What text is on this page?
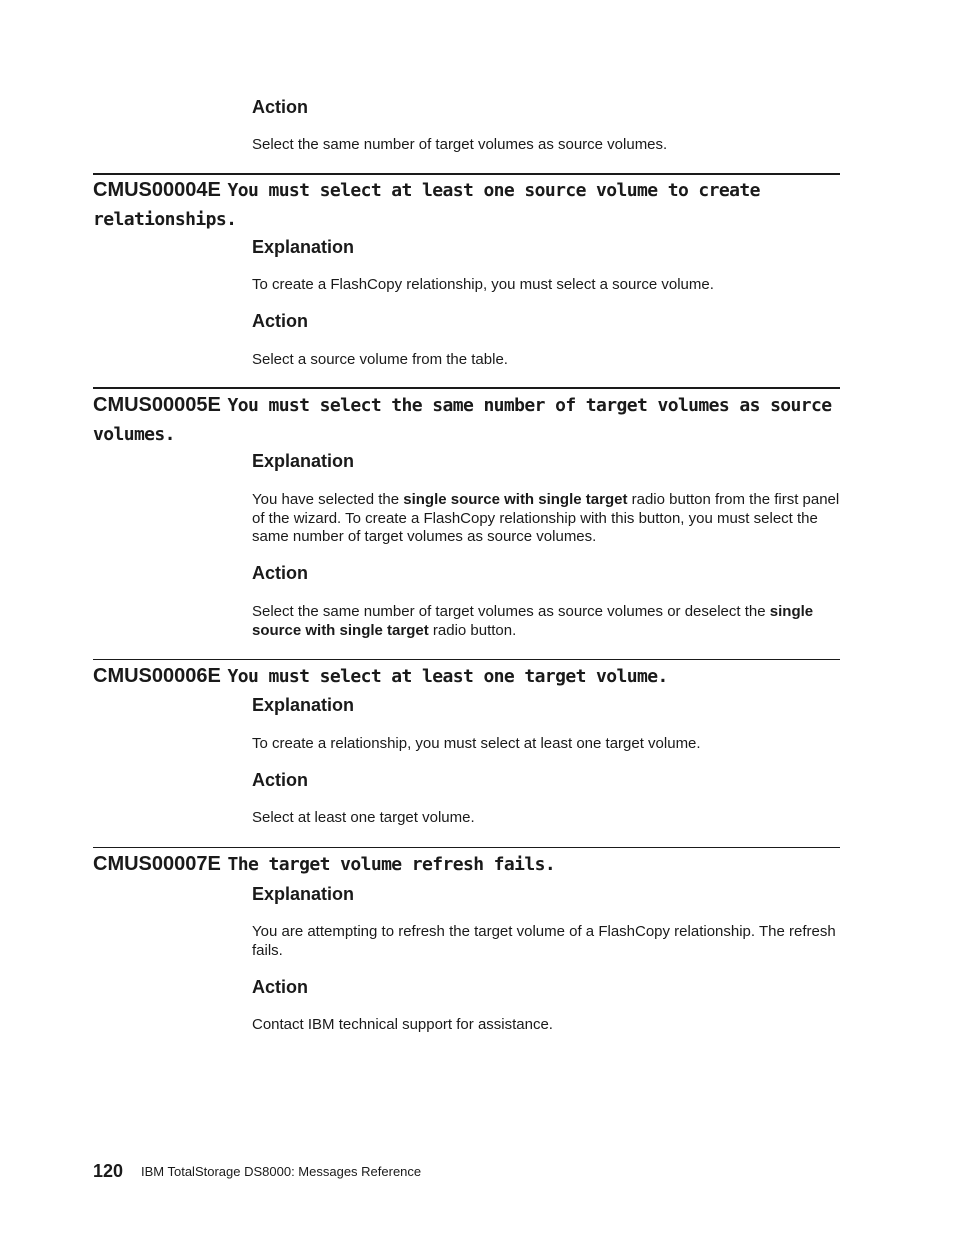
Action

Select the same number of target volumes as source volumes.

CMUS00004E You must select at least one source volume to create relationships.
Explanation

To create a FlashCopy relationship, you must select a source volume.

Action

Select a source volume from the table.

CMUS00005E You must select the same number of target volumes as source volumes.
Explanation

You have selected the single source with single target radio button from the first panel of the wizard. To create a FlashCopy relationship with this button, you must select the same number of target volumes as source volumes.

Action

Select the same number of target volumes as source volumes or deselect the single source with single target radio button.

CMUS00006E You must select at least one target volume.
Explanation

To create a relationship, you must select at least one target volume.

Action

Select at least one target volume.

CMUS00007E The target volume refresh fails.
Explanation

You are attempting to refresh the target volume of a FlashCopy relationship. The refresh fails.

Action

Contact IBM technical support for assistance.

120 IBM TotalStorage DS8000: Messages Reference
